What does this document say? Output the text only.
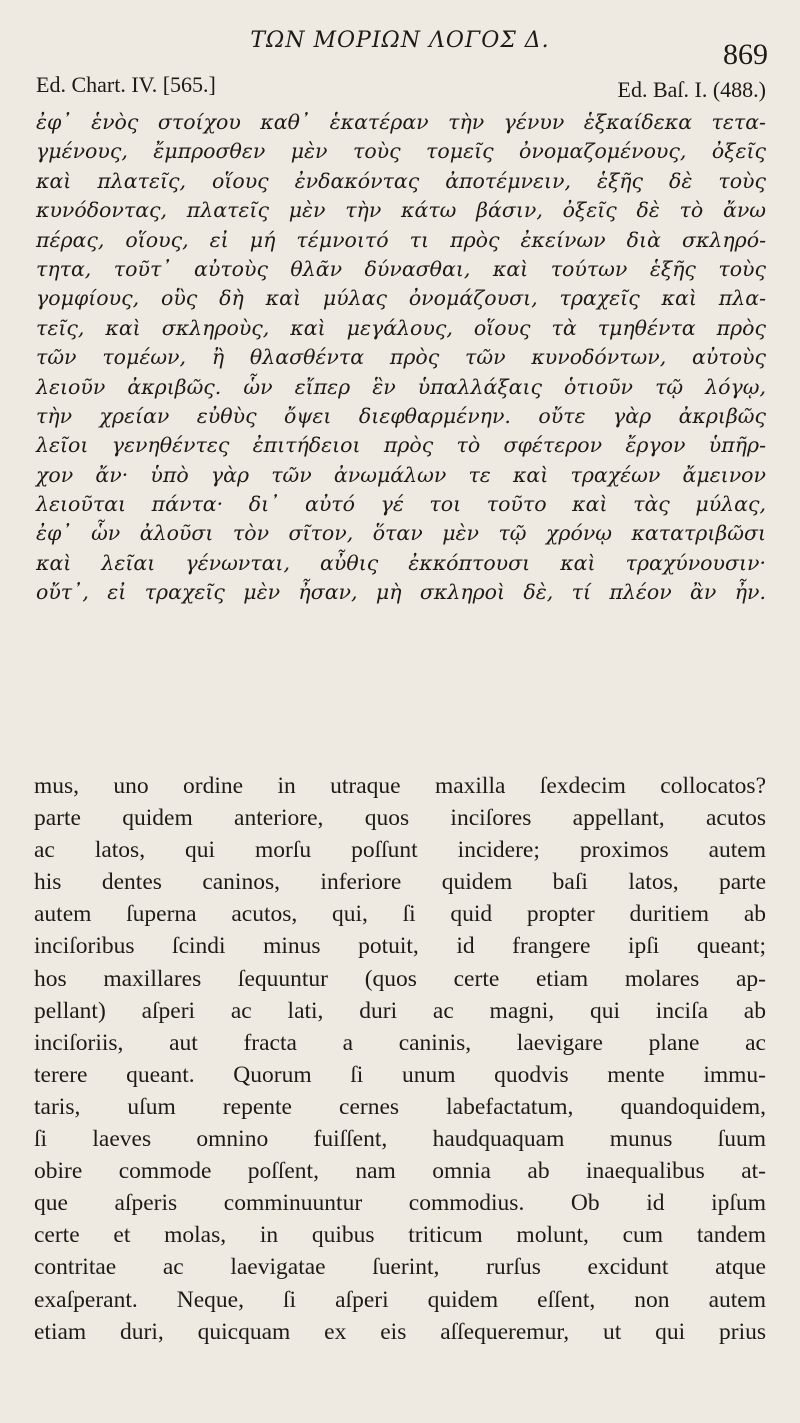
ΤΩΝ ΜΟΡΙΩΝ ΛΟΓΟΣ Δ.	869
Ed. Chart. IV. [565.]	Ed. Baſ. I. (488.)
ἐφ᾽ ἑνὸς στοίχου καθ᾽ ἑκατέραν τὴν γένυν ἑξκαίδεκα τετα-
γμένους, ἔμπροσθεν μὲν τοὺς τομεῖς ὀνομαζομένους, ὀξεῖς
καὶ πλατεῖς, οἵους ἐνδακόντας ἀποτέμνειν, ἑξῆς δὲ τοὺς
κυνόδοντας, πλατεῖς μὲν τὴν κάτω βάσιν, ὀξεῖς δὲ τὸ ἄνω
πέρας, οἵους, εἰ μή τέμνοιτό τι πρὸς ἐκείνων διὰ σκληρό-
τητα, τοῦτ᾽ αὐτοὺς θλᾶν δύνασθαι, καὶ τούτων ἑξῆς τοὺς
γομφίους, οὓς δὴ καὶ μύλας ὀνομάζουσι, τραχεῖς καὶ πλα-
τεῖς, καὶ σκληροὺς, καὶ μεγάλους, οἵους τὰ τμηθέντα πρὸς
τῶν τομέων, ἢ θλασθέντα πρὸς τῶν κυνοδόντων, αὐτοὺς
λειοῦν ἀκριβῶς. ὧν εἴπερ ἓν ὑπαλλάξαις ὁτιοῦν τῷ λόγῳ,
τὴν χρείαν εὐθὺς ὄψει διεφθαρμένην. οὔτε γὰρ ἀκριβῶς
λεῖοι γενηθέντες ἐπιτήδειοι πρὸς τὸ σφέτερον ἔργον ὑπῆρ-
χον ἄν· ὑπὸ γὰρ τῶν ἀνωμάλων τε καὶ τραχέων ἄμεινον
λειοῦται πάντα· δι᾽ αὐτό γέ τοι τοῦτο καὶ τὰς μύλας,
ἐφ᾽ ὧν ἀλοῦσι τὸν σῖτον, ὅταν μὲν τῷ χρόνῳ κατατριβῶσι
καὶ λεῖαι γένωνται, αὖθις ἐκκόπτουσι καὶ τραχύνουσιν·
οὔτ᾽, εἰ τραχεῖς μὲν ἦσαν, μὴ σκληροὶ δὲ, τί πλέον ἂν ἦν.
mus, uno ordine in utraque maxilla ſexdecim collocatos?
parte quidem anteriore, quos inciſores appellant, acutos
ac latos, qui morſu poſſunt incidere; proximos autem
his dentes caninos, inferiore quidem baſi latos, parte
autem ſuperna acutos, qui, ſi quid propter duritiem ab
inciſoribus ſcindi minus potuit, id frangere ipſi queant;
hos maxillares ſequuntur (quos certe etiam molares ap-
pellant) aſperi ac lati, duri ac magni, qui inciſa ab
inciſoriis, aut fracta a caninis, laevigare plane ac
terere queant. Quorum ſi unum quodvis mente immu-
taris, uſum repente cernes labefactatum, quandoquidem,
ſi laeves omnino fuiſſent, haudquaquam munus ſuum
obire commode poſſent, nam omnia ab inaequalibus at-
que aſperis comminuuntur commodius. Ob id ipſum
certe et molas, in quibus triticum molunt, cum tandem
contritae ac laevigatae ſuerint, rurſus excidunt atque
exaſperant. Neque, ſi aſperi quidem eſſent, non autem
etiam duri, quicquam ex eis aſſequeremur, ut qui prius
